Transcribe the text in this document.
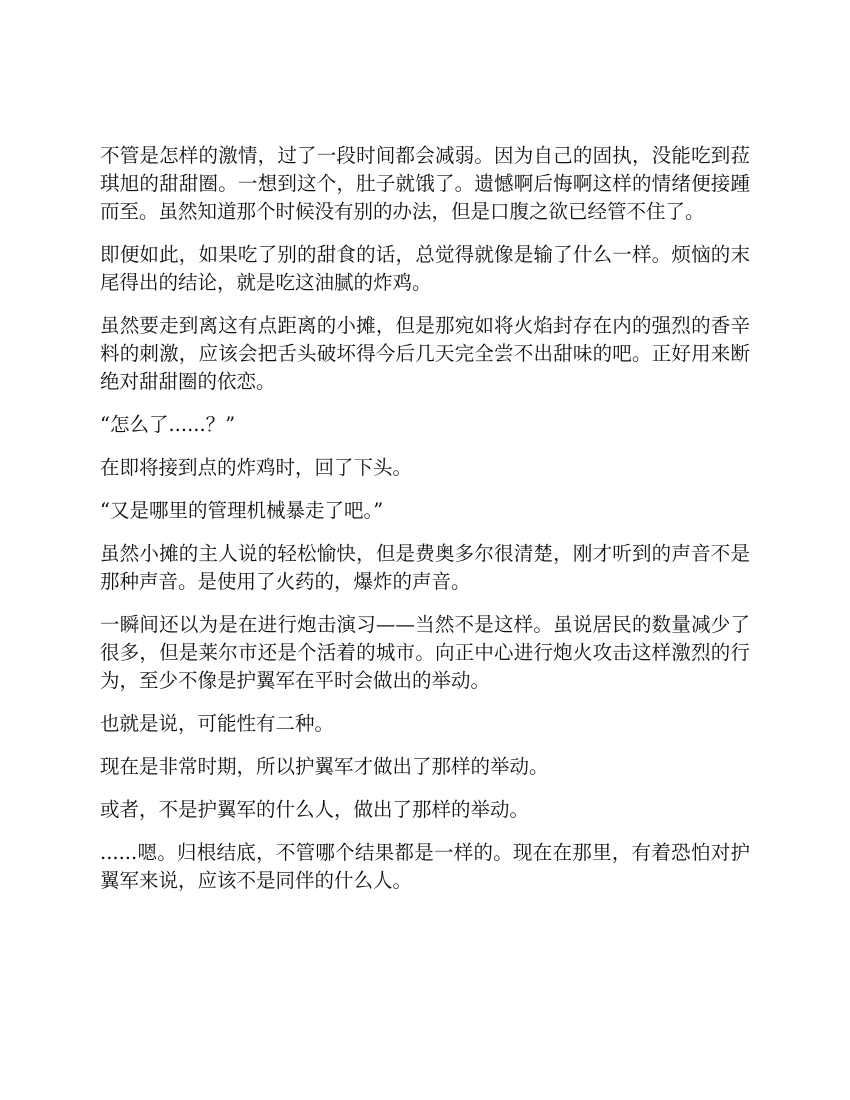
不管是怎样的激情，过了一段时间都会减弱。因为自己的固执，没能吃到菈琪旭的甜甜圈。一想到这个，肚子就饿了。遗憾啊后悔啊这样的情绪便接踵而至。虽然知道那个时候没有别的办法，但是口腹之欲已经管不住了。

即便如此，如果吃了别的甜食的话，总觉得就像是输了什么一样。烦恼的末尾得出的结论，就是吃这油腻的炸鸡。

虽然要走到离这有点距离的小摊，但是那宛如将火焰封存在内的强烈的香辛料的刺激，应该会把舌头破坏得今后几天完全尝不出甜味的吧。正好用来断绝对甜甜圈的依恋。

“怎么了......？”

在即将接到点的炸鸡时，回了下头。

“又是哪里的管理机械暴走了吧。”

虽然小摊的主人说的轻松愉快，但是费奥多尔很清楚，刚才听到的声音不是那种声音。是使用了火药的，爆炸的声音。

一瞬间还以为是在进行炮击演习——当然不是这样。虽说居民的数量减少了很多，但是莱尔市还是个活着的城市。向正中心进行炮火攻击这样激烈的行为，至少不像是护翼军在平时会做出的举动。

也就是说，可能性有二种。

现在是非常时期，所以护翼军才做出了那样的举动。

或者，不是护翼军的什么人，做出了那样的举动。

......嗯。归根结底，不管哪个结果都是一样的。现在在那里，有着恐怕对护翼军来说，应该不是同伴的什么人。
